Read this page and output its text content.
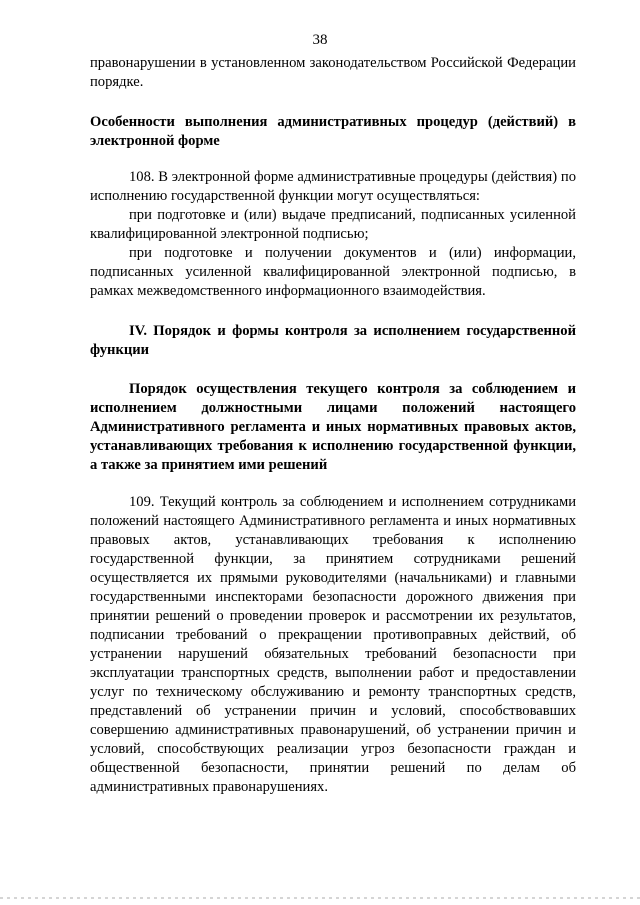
38

правонарушении в установленном законодательством Российской Федерации порядке.

Особенности выполнения административных процедур (действий) в электронной форме

108. В электронной форме административные процедуры (действия) по исполнению государственной функции могут осуществляться:

при подготовке и (или) выдаче предписаний, подписанных усиленной квалифицированной электронной подписью;

при подготовке и получении документов и (или) информации, подписанных усиленной квалифицированной электронной подписью, в рамках межведомственного информационного взаимодействия.

IV. Порядок и формы контроля за исполнением государственной функции

Порядок осуществления текущего контроля за соблюдением и исполнением должностными лицами положений настоящего Административного регламента и иных нормативных правовых актов, устанавливающих требования к исполнению государственной функции, а также за принятием ими решений

109. Текущий контроль за соблюдением и исполнением сотрудниками положений настоящего Административного регламента и иных нормативных правовых актов, устанавливающих требования к исполнению государственной функции, за принятием сотрудниками решений осуществляется их прямыми руководителями (начальниками) и главными государственными инспекторами безопасности дорожного движения при принятии решений о проведении проверок и рассмотрении их результатов, подписании требований о прекращении противоправных действий, об устранении нарушений обязательных требований безопасности при эксплуатации транспортных средств, выполнении работ и предоставлении услуг по техническому обслуживанию и ремонту транспортных средств, представлений об устранении причин и условий, способствовавших совершению административных правонарушений, об устранении причин и условий, способствующих реализации угроз безопасности граждан и общественной безопасности, принятии решений по делам об административных правонарушениях.
